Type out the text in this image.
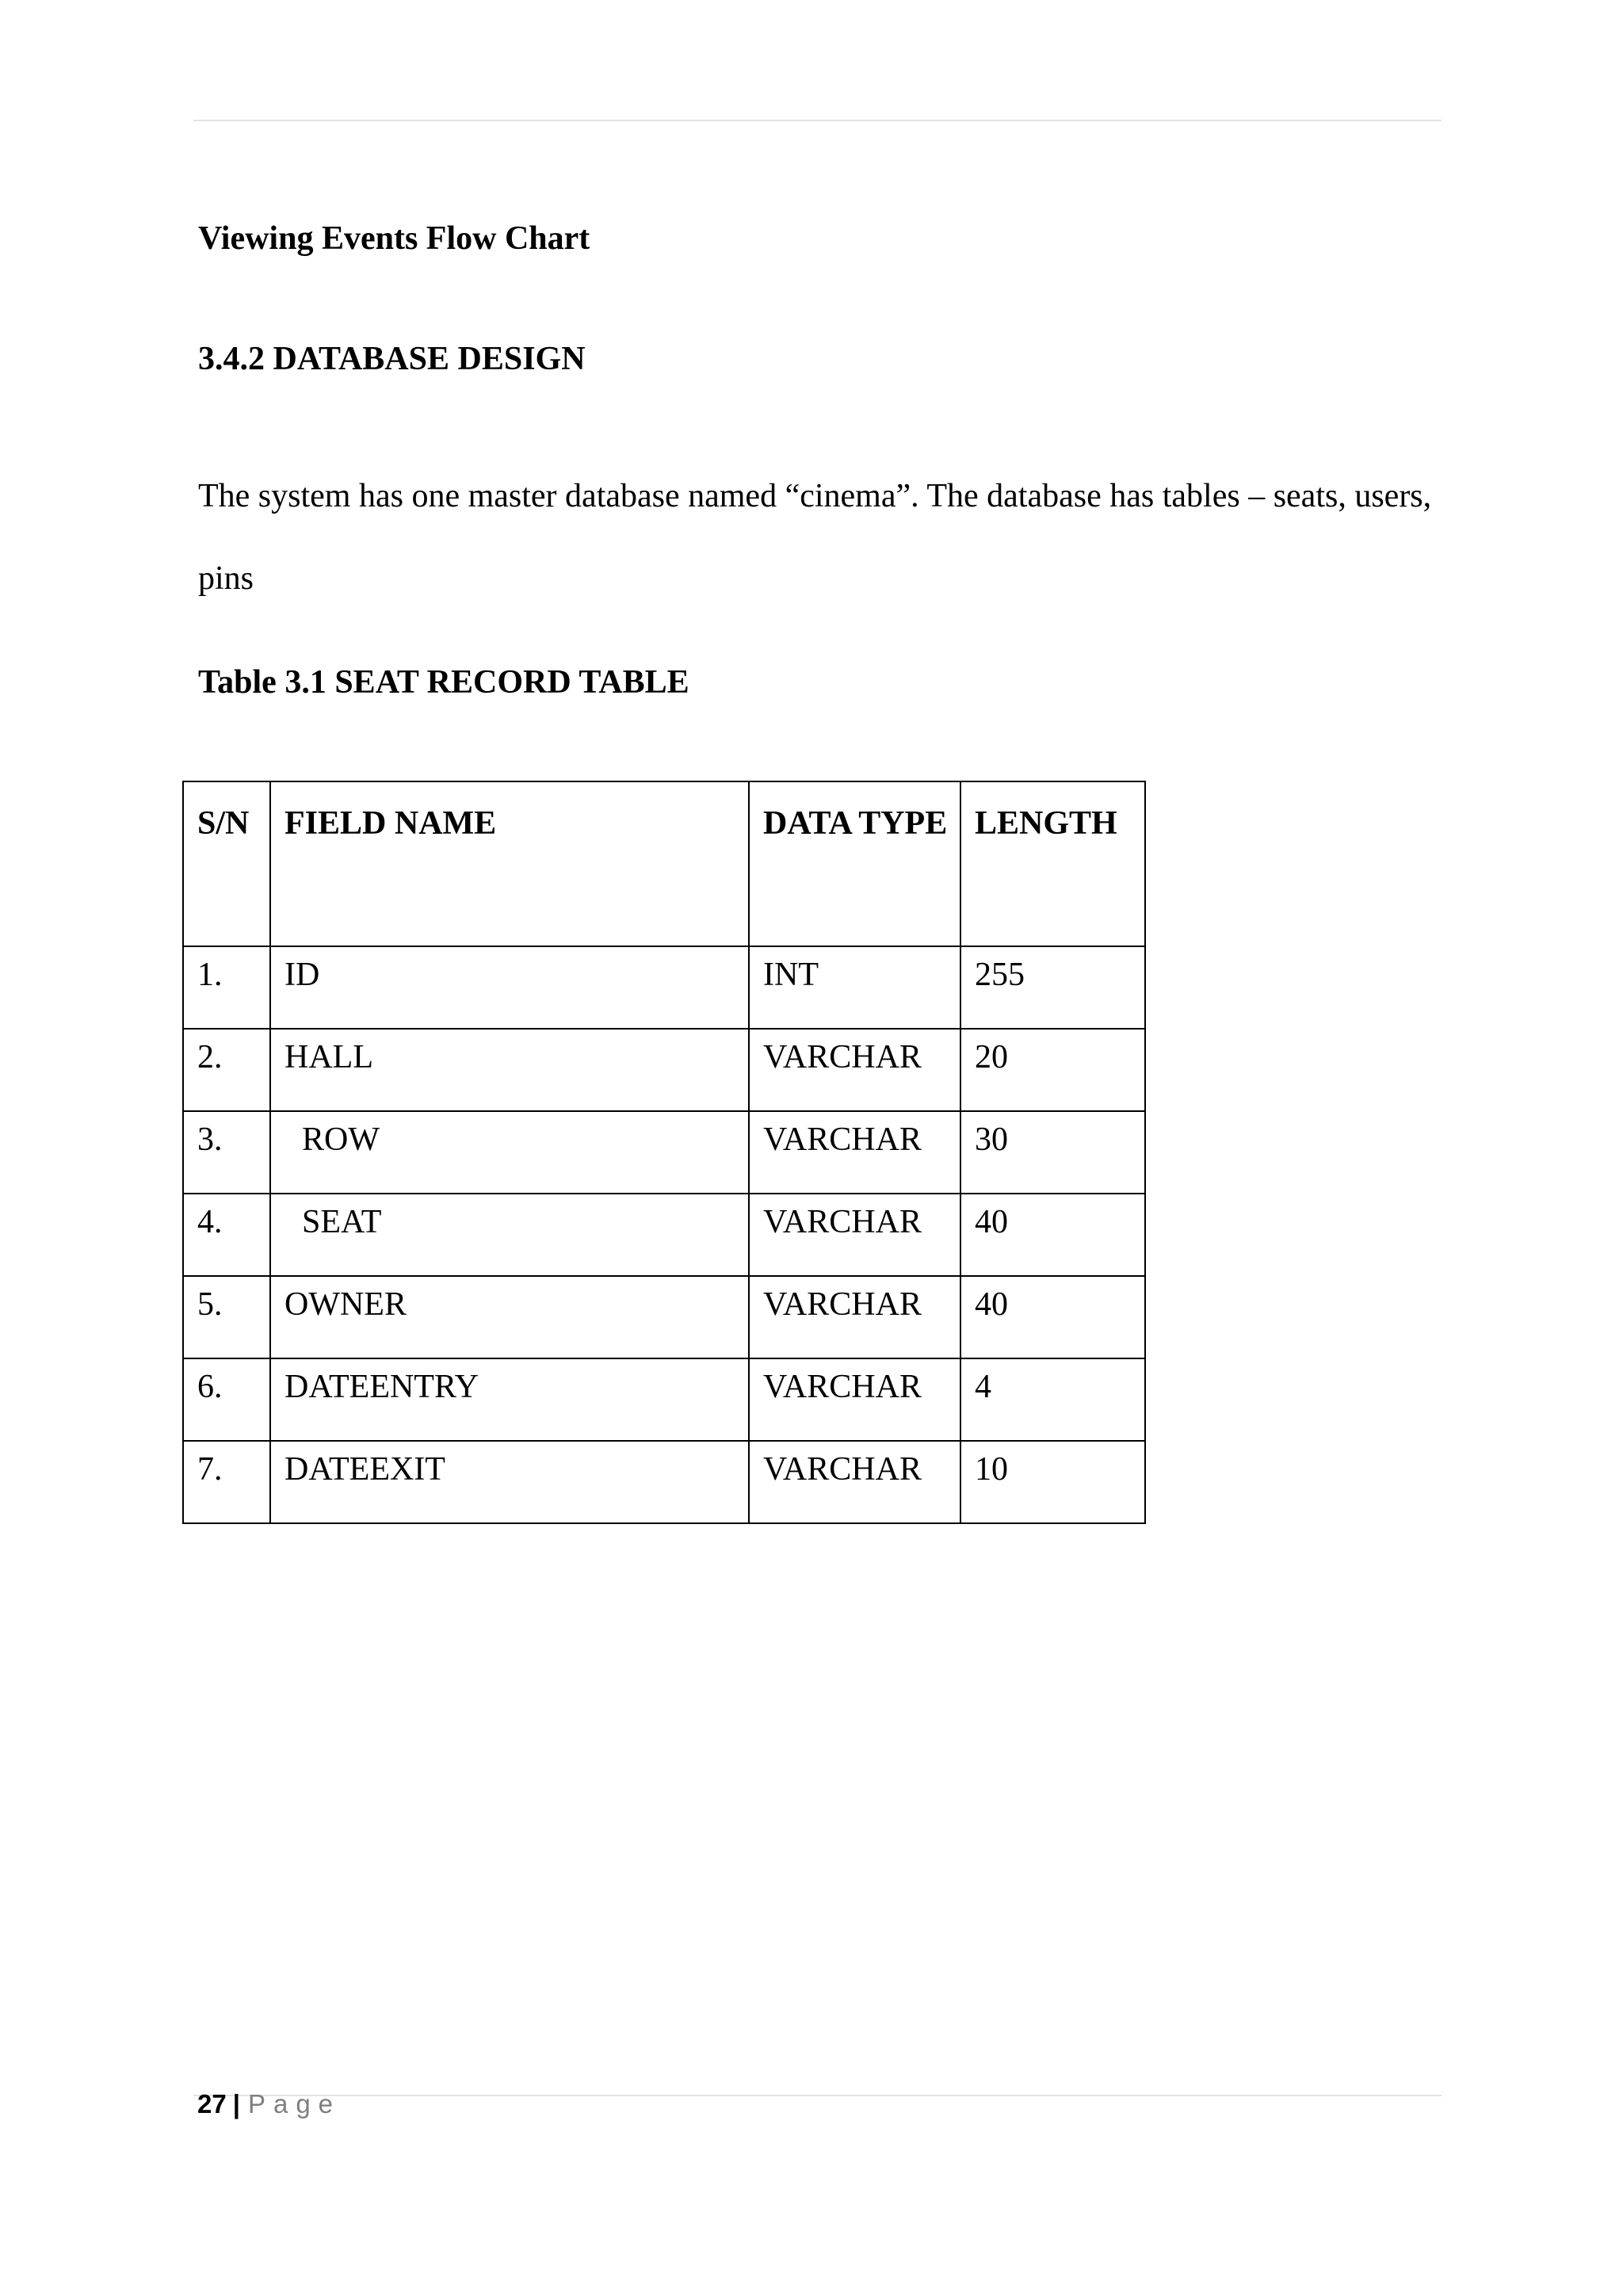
Viewing Events Flow Chart

3.4.2 DATABASE DESIGN

The system has one master database named “cinema”. The database has tables – seats, users, pins

Table 3.1 SEAT RECORD TABLE

S/N	FIELD NAME	DATA TYPE	LENGTH
1.	ID	INT	255
2.	HALL	VARCHAR	20
3.	ROW	VARCHAR	30
4.	SEAT	VARCHAR	40
5.	OWNER	VARCHAR	40
6.	DATEENTRY	VARCHAR	4
7.	DATEEXIT	VARCHAR	10
27 | Page
